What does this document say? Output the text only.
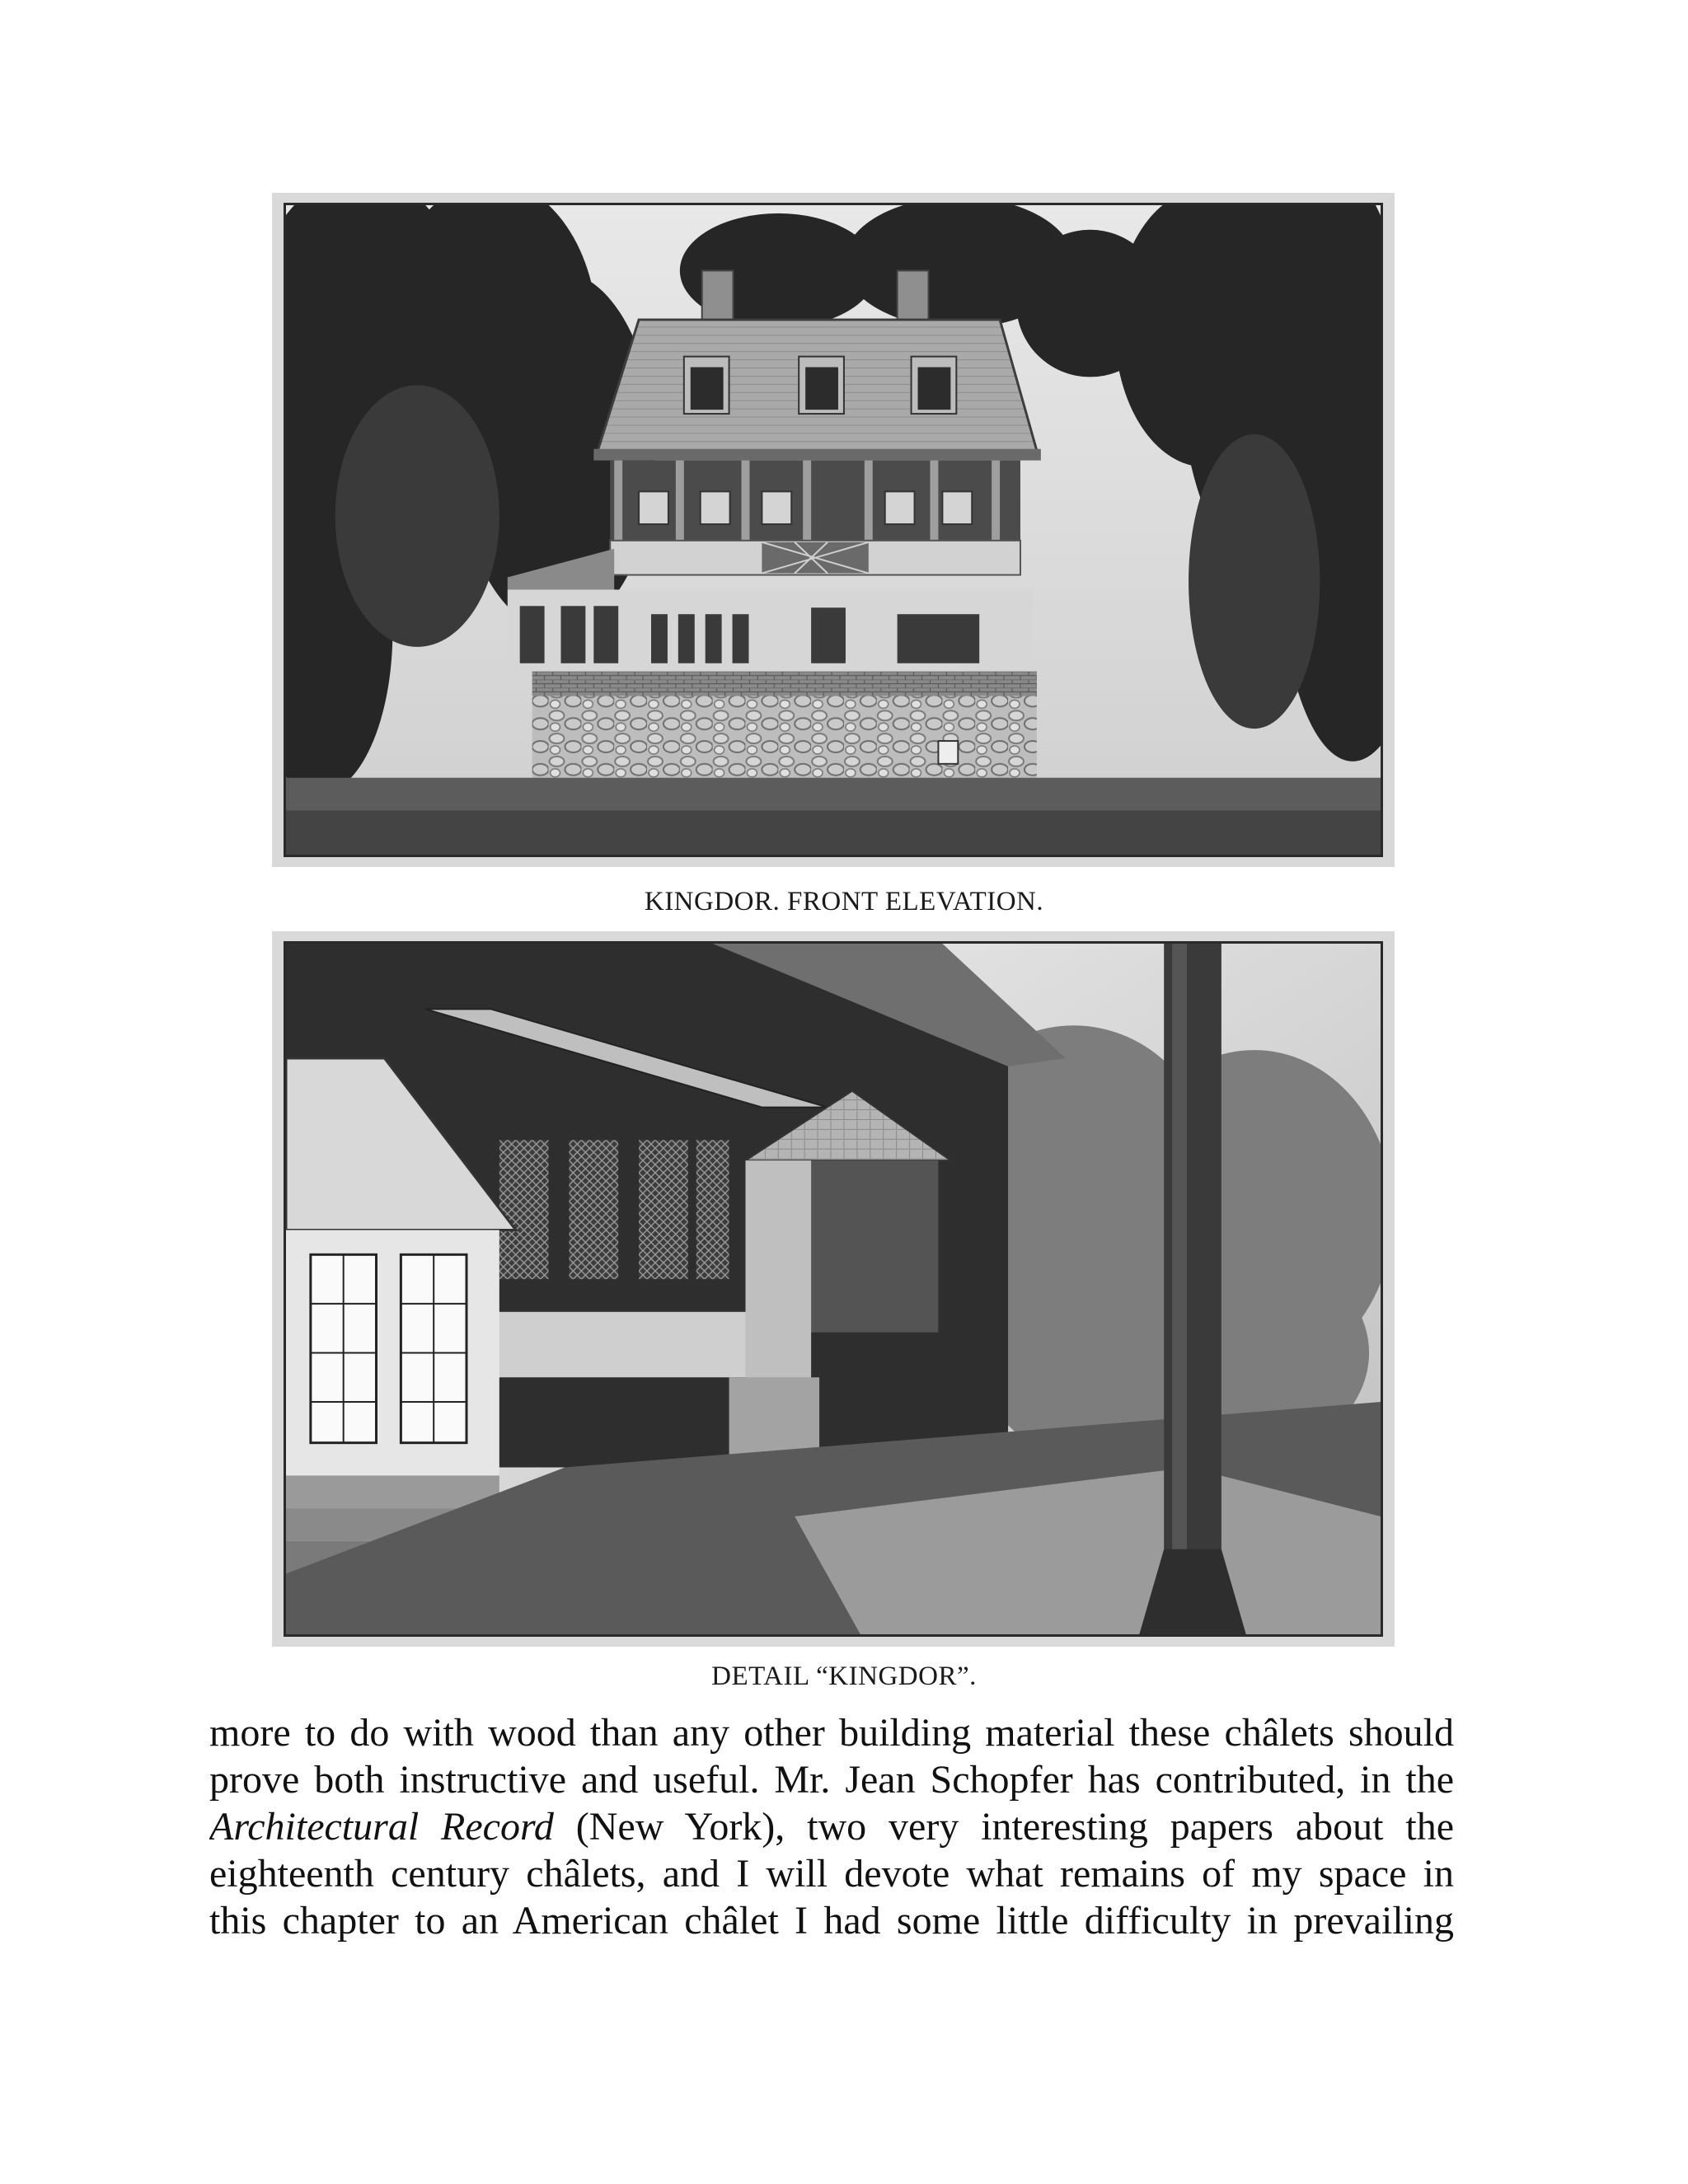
KINGDOR. FRONT ELEVATION.
DETAIL “KINGDOR”.
more to do with wood than any other building material these châlets should
prove both instructive and useful. Mr. Jean Schopfer has contributed, in the
Architectural Record (New York), two very interesting papers about the
eighteenth century châlets, and I will devote what remains of my space in
this chapter to an American châlet I had some little difficulty in prevailing
